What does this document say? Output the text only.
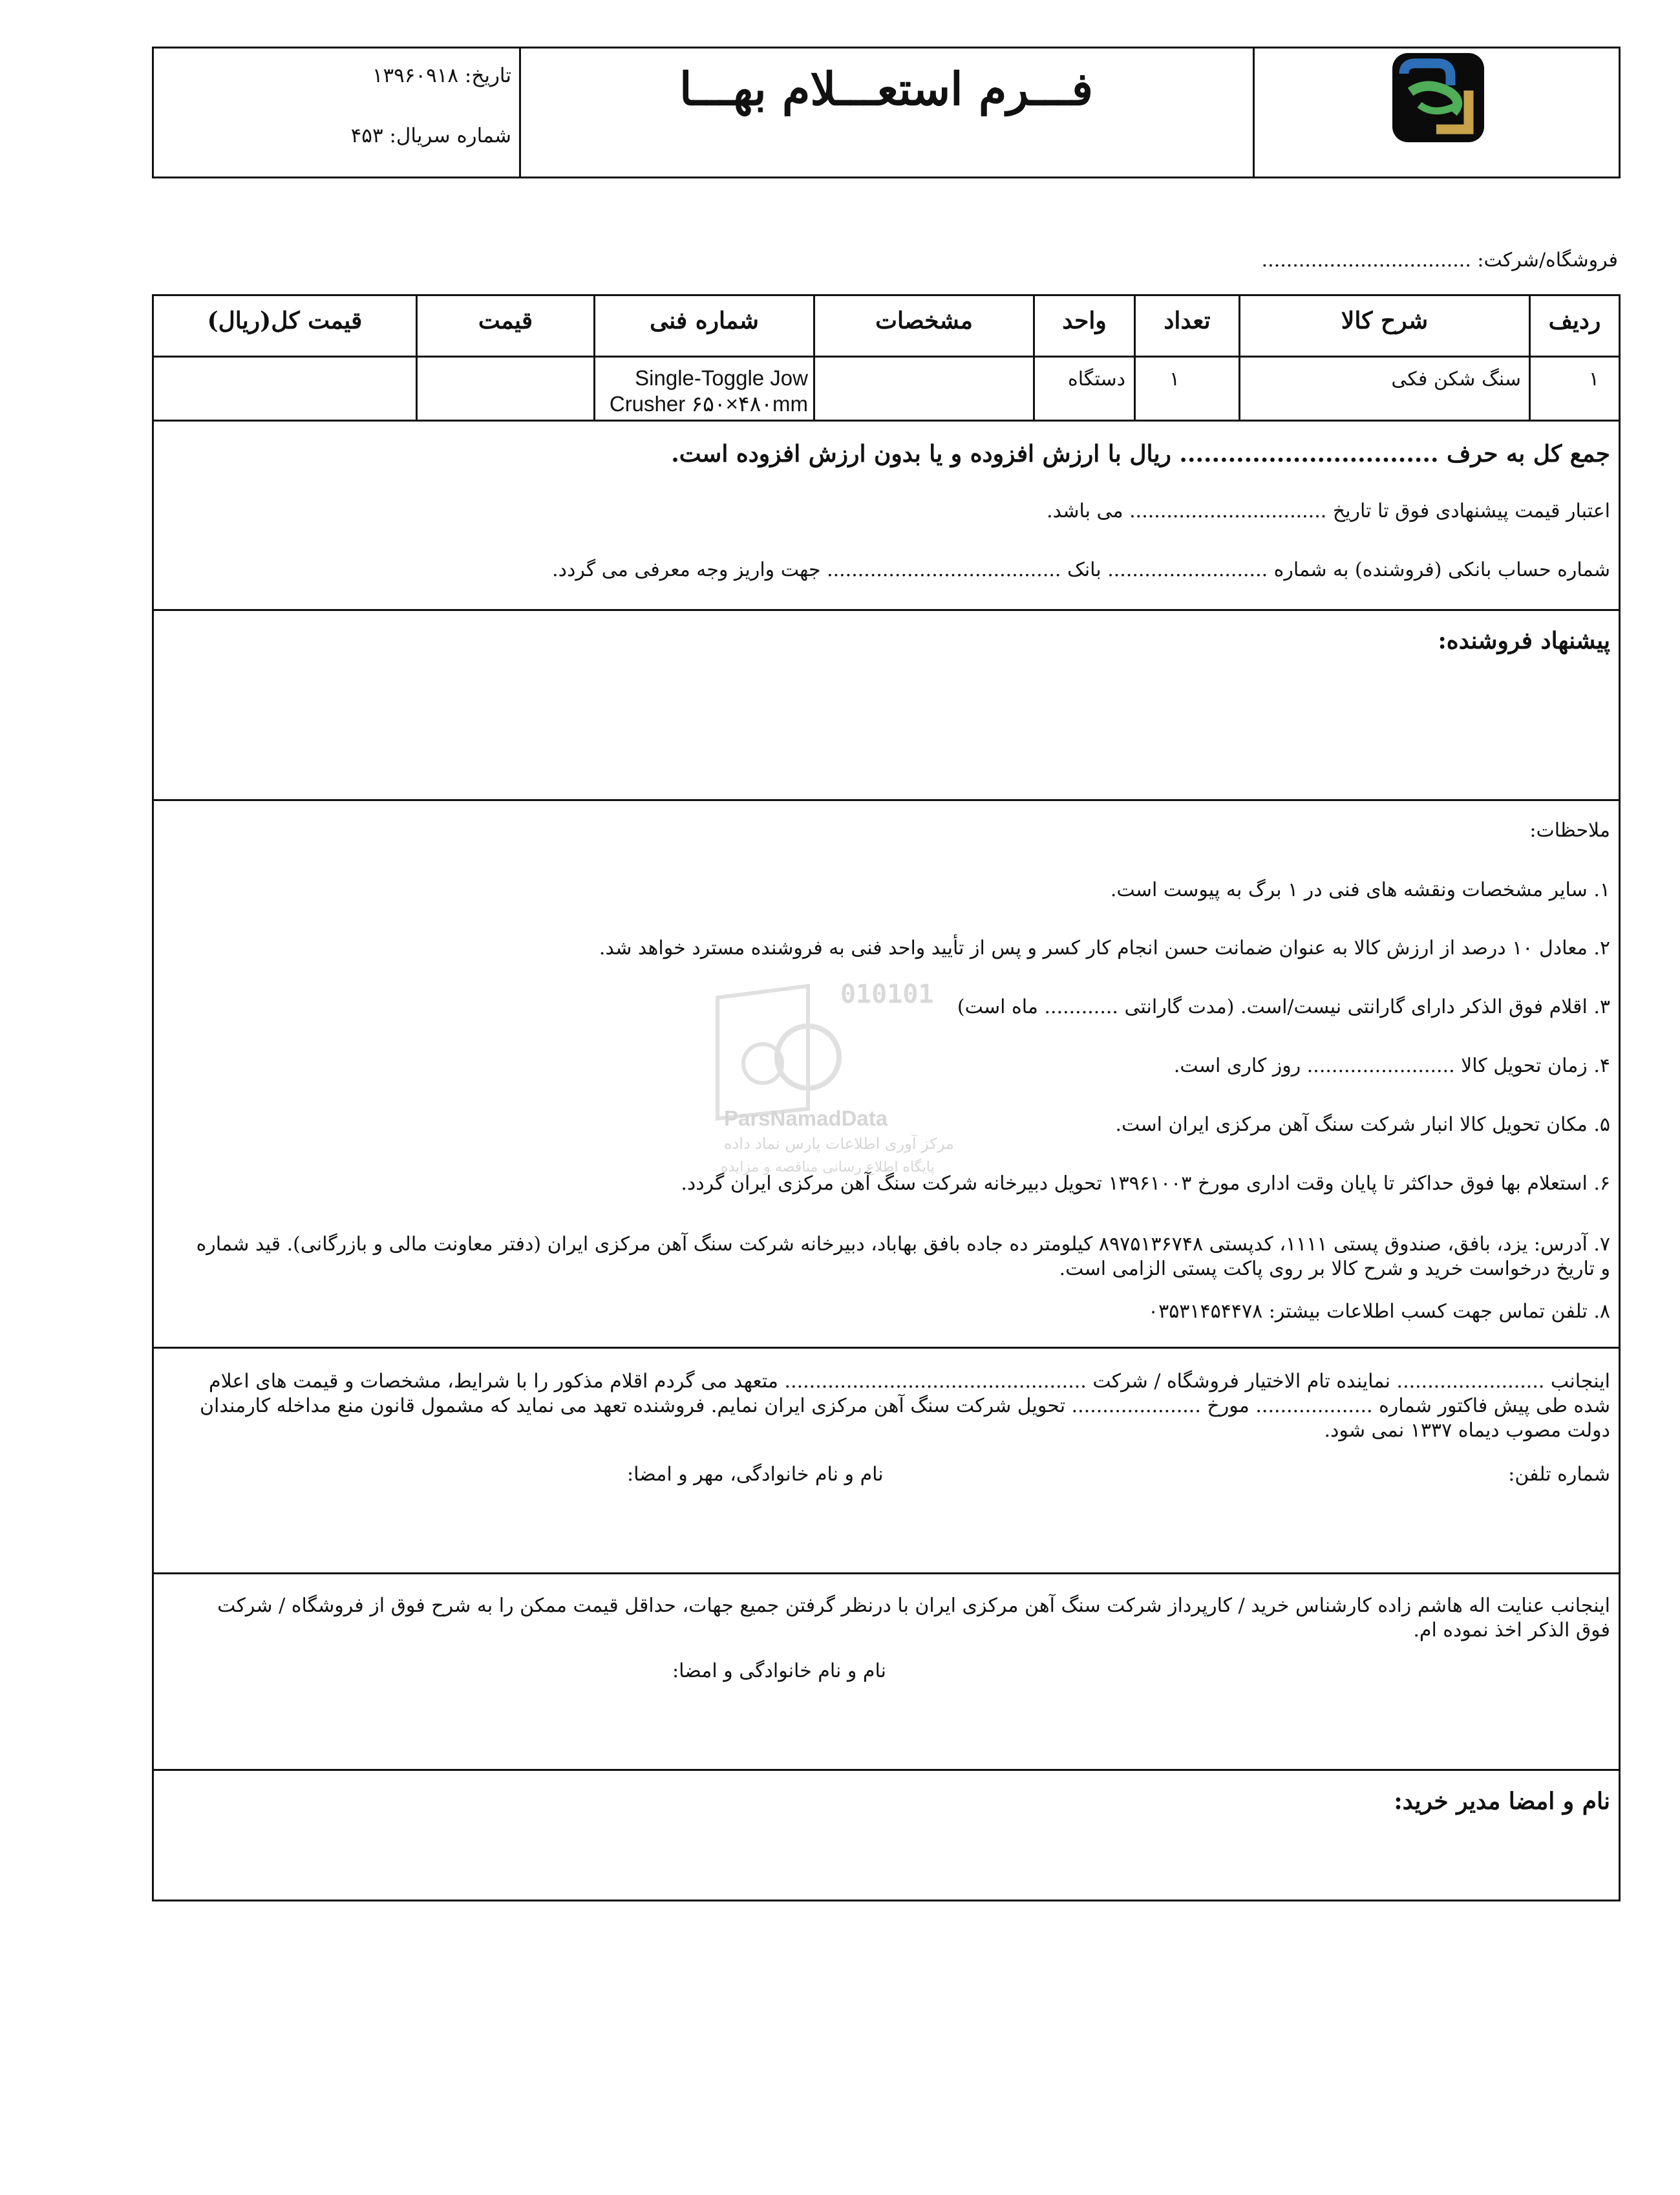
تاریخ: ۱۳۹۶۰۹۱۸
شماره سریال: ۴۵۳
فـــرم استعـــلام بهـــا
فروشگاه/شرکت: ..................................
ردیف
شرح کالا
تعداد
واحد
مشخصات
شماره فنی
قیمت
قیمت کل(ریال)
۱
سنگ شکن فکی
۱
دستگاه
Single-Toggle Jow
Crusher ۶۵۰×۴۸۰mm
جمع کل به حرف ................................ ریال با ارزش افزوده و یا بدون ارزش افزوده است.
اعتبار قیمت پیشنهادی فوق تا تاریخ ................................ می باشد.
شماره حساب بانکی (فروشنده) به شماره .......................... بانک ...................................... جهت واریز وجه معرفی می گردد.
پیشنهاد فروشنده:
010101
ParsNamadData
مرکز آوری اطلاعات پارس نماد داده
پایگاه اطلاع رسانی مناقصه و مزایده
ملاحظات:
۱. سایر مشخصات ونقشه های فنی در ۱ برگ به پیوست است.
۲. معادل ۱۰ درصد از ارزش کالا به عنوان ضمانت حسن انجام کار کسر و پس از تأیید واحد فنی به فروشنده مسترد خواهد شد.
۳. اقلام فوق الذکر دارای گارانتی نیست/است. (مدت گارانتی ............ ماه است)
۴. زمان تحویل کالا ........................ روز کاری است.
۵. مکان تحویل کالا انبار شرکت سنگ آهن مرکزی ایران است.
۶. استعلام بها فوق حداکثر تا پایان وقت اداری مورخ ۱۳۹۶۱۰۰۳ تحویل دبیرخانه شرکت سنگ آهن مرکزی ایران گردد.
۷. آدرس: یزد، بافق، صندوق پستی ۱۱۱۱، کدپستی ۸۹۷۵۱۳۶۷۴۸ کیلومتر ده جاده بافق بهاباد، دبیرخانه شرکت سنگ آهن مرکزی ایران (دفتر معاونت مالی و بازرگانی). قید شماره و تاریخ درخواست خرید و شرح کالا بر روی پاکت پستی الزامی است.
۸. تلفن تماس جهت کسب اطلاعات بیشتر: ۰۳۵۳۱۴۵۴۴۷۸
اینجانب ........................ نماینده تام الاختیار فروشگاه / شرکت ................................................. متعهد می گردم اقلام مذکور را با شرایط، مشخصات و قیمت های اعلام شده طی پیش فاکتور شماره ................... مورخ ..................... تحویل شرکت سنگ آهن مرکزی ایران نمایم. فروشنده تعهد می نماید که مشمول قانون منع مداخله کارمندان دولت مصوب دیماه ۱۳۳۷ نمی شود.
شماره تلفن:
نام و نام خانوادگی، مهر و امضا:
اینجانب عنایت اله هاشم زاده کارشناس خرید / کارپرداز شرکت سنگ آهن مرکزی ایران با درنظر گرفتن جمیع جهات، حداقل قیمت ممکن را به شرح فوق از فروشگاه / شرکت فوق الذکر اخذ نموده ام.
نام و نام خانوادگی و امضا:
نام و امضا مدیر خرید:
